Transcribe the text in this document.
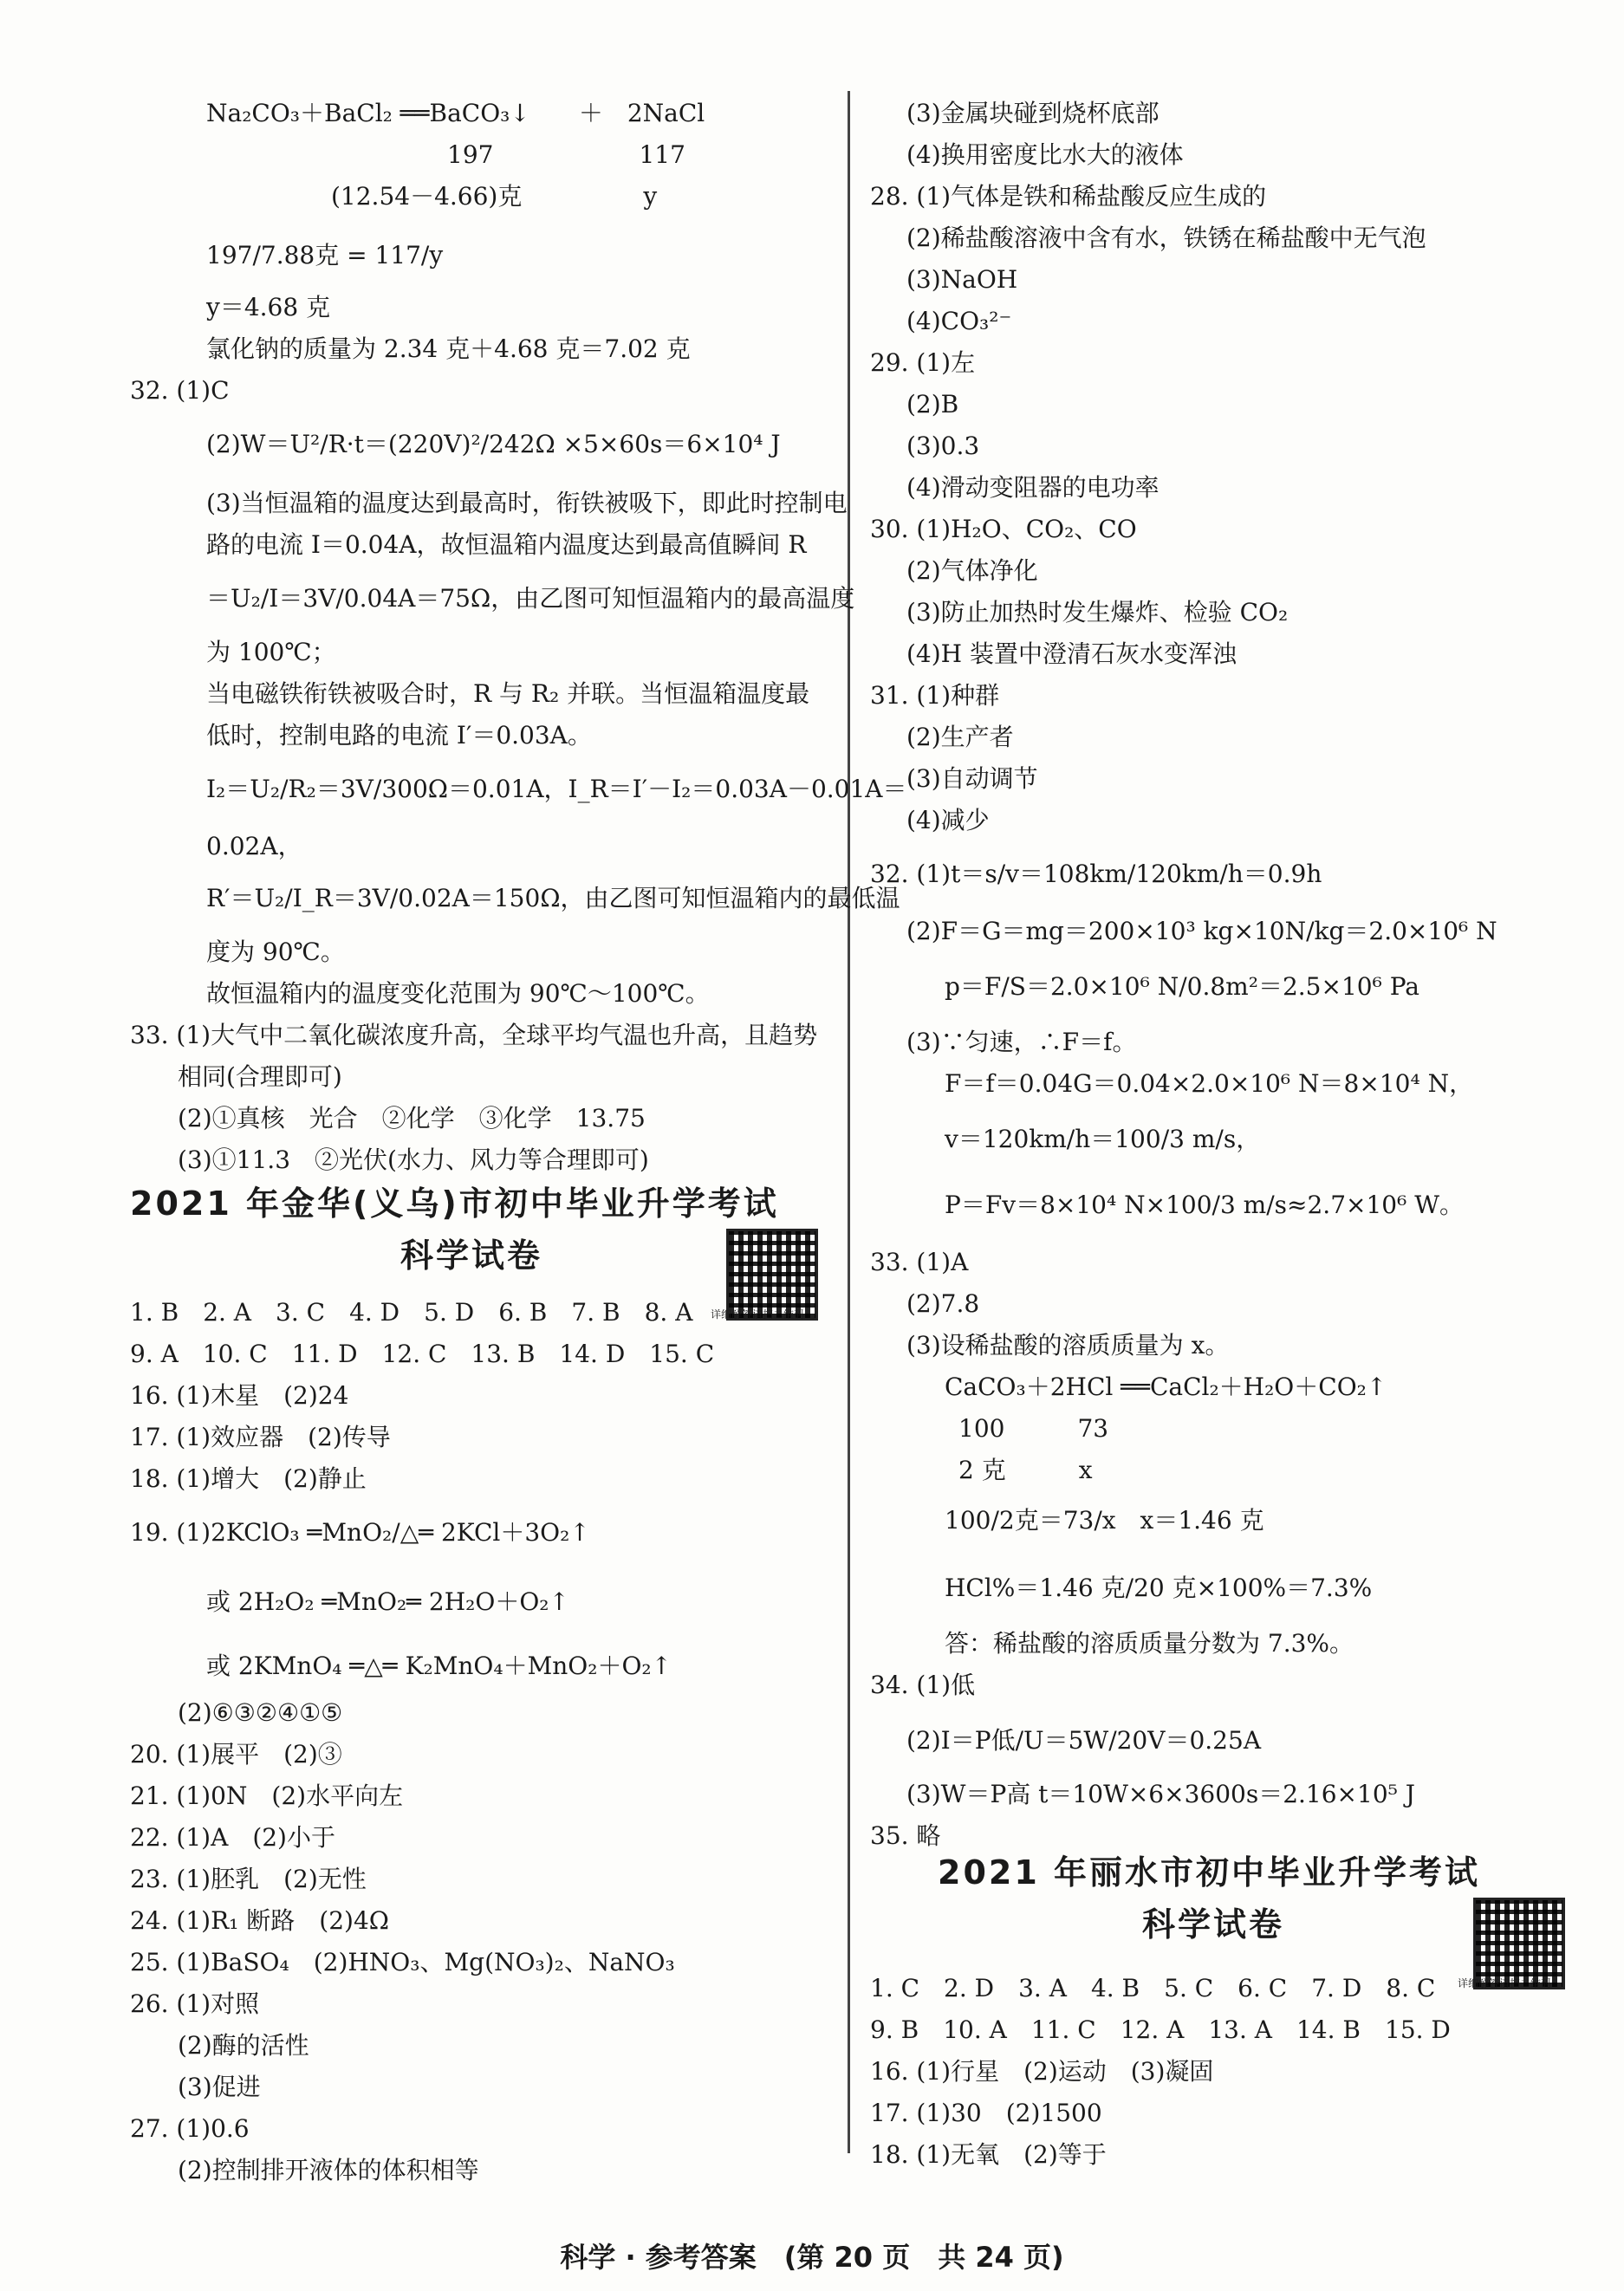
2021 年金华(义乌)市初中毕业升学考试
科学试卷
详细解答请扫二维码
2021 年丽水市初中毕业升学考试
科学试卷
详细解答请扫二维码
科学 · 参考答案　(第 20 页　共 24 页)
Na₂CO₃＋BaCl₂ ══BaCO₃↓　　＋　2NaCl
197　　　　　　117
(12.54－4.66)克　　　　　y
197/7.88克 = 117/y
y＝4.68 克
氯化钠的质量为 2.34 克＋4.68 克＝7.02 克
32. (1)C
(2)W＝U²/R·t＝(220V)²/242Ω ×5×60s＝6×10⁴ J
(3)当恒温箱的温度达到最高时，衔铁被吸下，即此时控制电
路的电流 I＝0.04A，故恒温箱内温度达到最高值瞬间 R
＝U₂/I＝3V/0.04A＝75Ω，由乙图可知恒温箱内的最高温度
为 100℃；
当电磁铁衔铁被吸合时，R 与 R₂ 并联。当恒温箱温度最
低时，控制电路的电流 I′＝0.03A。
I₂＝U₂/R₂＝3V/300Ω＝0.01A，I_R＝I′－I₂＝0.03A－0.01A＝
0.02A，
R′＝U₂/I_R＝3V/0.02A＝150Ω，由乙图可知恒温箱内的最低温
度为 90℃。
故恒温箱内的温度变化范围为 90℃～100℃。
33. (1)大气中二氧化碳浓度升高，全球平均气温也升高，且趋势
相同(合理即可)
(2)①真核　光合　②化学　③化学　13.75
(3)①11.3　②光伏(水力、风力等合理即可)
1. B　2. A　3. C　4. D　5. D　6. B　7. B　8. A
9. A　10. C　11. D　12. C　13. B　14. D　15. C
16. (1)木星　(2)24
17. (1)效应器　(2)传导
18. (1)增大　(2)静止
19. (1)2KClO₃ ═MnO₂/△═ 2KCl＋3O₂↑
或 2H₂O₂ ═MnO₂═ 2H₂O＋O₂↑
或 2KMnO₄ ═△═ K₂MnO₄＋MnO₂＋O₂↑
(2)⑥③②④①⑤
20. (1)展平　(2)③
21. (1)0N　(2)水平向左
22. (1)A　(2)小于
23. (1)胚乳　(2)无性
24. (1)R₁ 断路　(2)4Ω
25. (1)BaSO₄　(2)HNO₃、Mg(NO₃)₂、NaNO₃
26. (1)对照
(2)酶的活性
(3)促进
27. (1)0.6
(2)控制排开液体的体积相等
(3)金属块碰到烧杯底部
(4)换用密度比水大的液体
28. (1)气体是铁和稀盐酸反应生成的
(2)稀盐酸溶液中含有水，铁锈在稀盐酸中无气泡
(3)NaOH
(4)CO₃²⁻
29. (1)左
(2)B
(3)0.3
(4)滑动变阻器的电功率
30. (1)H₂O、CO₂、CO
(2)气体净化
(3)防止加热时发生爆炸、检验 CO₂
(4)H 装置中澄清石灰水变浑浊
31. (1)种群
(2)生产者
(3)自动调节
(4)减少
32. (1)t＝s/v＝108km/120km/h＝0.9h
(2)F＝G＝mg＝200×10³ kg×10N/kg＝2.0×10⁶ N
p＝F/S＝2.0×10⁶ N/0.8m²＝2.5×10⁶ Pa
(3)∵匀速，∴F＝f。
F＝f＝0.04G＝0.04×2.0×10⁶ N＝8×10⁴ N，
v＝120km/h＝100/3 m/s，
P＝Fv＝8×10⁴ N×100/3 m/s≈2.7×10⁶ W。
33. (1)A
(2)7.8
(3)设稀盐酸的溶质质量为 x。
CaCO₃＋2HCl ══CaCl₂＋H₂O＋CO₂↑
100　　　73
2 克　　　x
100/2克＝73/x　x＝1.46 克
HCl%＝1.46 克/20 克×100%＝7.3%
答：稀盐酸的溶质质量分数为 7.3%。
34. (1)低
(2)I＝P低/U＝5W/20V＝0.25A
(3)W＝P高 t＝10W×6×3600s＝2.16×10⁵ J
35. 略
1. C　2. D　3. A　4. B　5. C　6. C　7. D　8. C
9. B　10. A　11. C　12. A　13. A　14. B　15. D
16. (1)行星　(2)运动　(3)凝固
17. (1)30　(2)1500
18. (1)无氧　(2)等于
